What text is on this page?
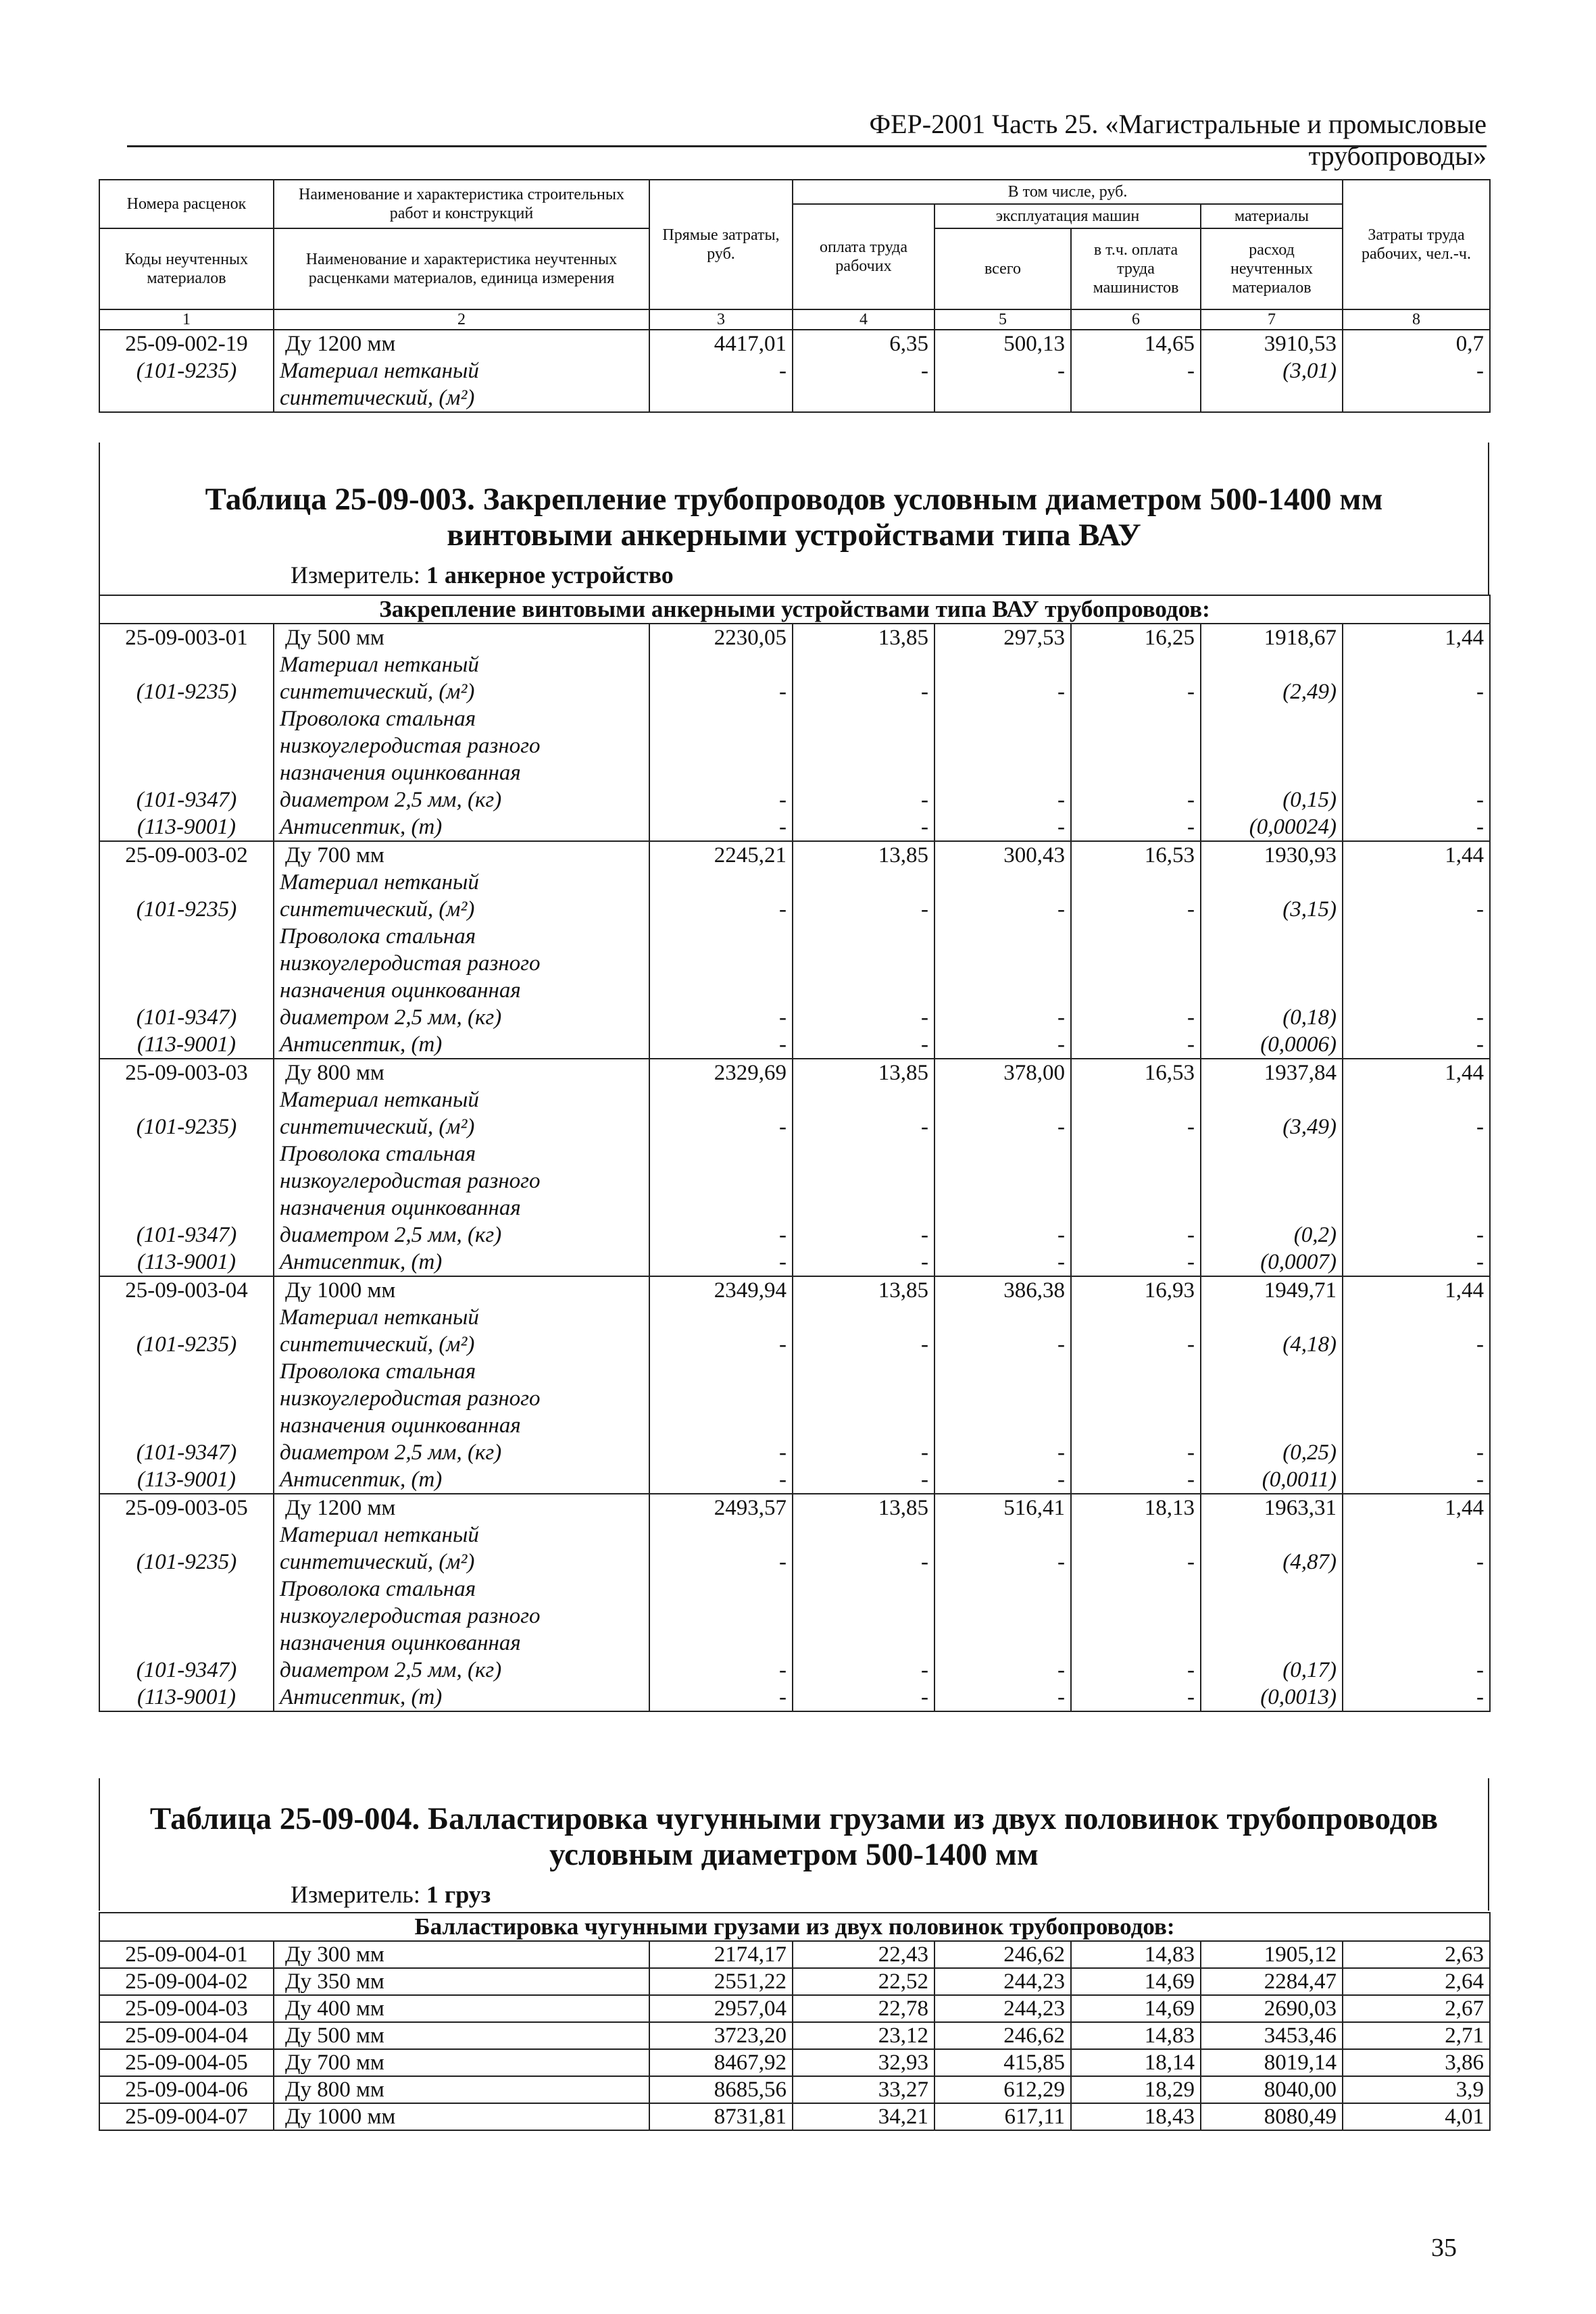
ФЕР-2001 Часть 25. «Магистральные и промысловые трубопроводы»
Номера расценок	Наименование и характеристика строительных работ и конструкций	Прямые затраты, руб.	В том числе, руб.				Затраты труда рабочих, чел.-ч.
			оплата труда рабочих	эксплуатация машин		материалы	
Коды неучтенных материалов	Наименование и характеристика неучтенных расценками материалов, единица измерения			всего	в т.ч. оплата труда машинистов	расход неучтенных материалов	

1	2	3	4	5	6	7	8
25-09-002-19	Ду 1200 мм	4417,01	6,35	500,13	14,65	3910,53	0,7
(101-9235)	Материал нетканый
синтетический, (м²)	-	-	-	-	(3,01)	-
Таблица 25-09-003. Закрепление трубопроводов условным диаметром 500-1400 мм
винтовыми анкерными устройствами типа ВАУ
Измеритель: 1 анкерное устройство
Закрепление винтовыми анкерными устройствами типа ВАУ трубопроводов:							
25-09-003-01	Ду 500 мм	2230,05	13,85	297,53	16,25	1918,67	1,44
(101-9235)	Материал нетканый
синтетический, (м²)	-	-	-	-	(2,49)	-
(101-9347)	Проволока стальная
низкоуглеродистая разного
назначения оцинкованная
диаметром 2,5 мм, (кг)	-	-	-	-	(0,15)	-
(113-9001)	Антисептик, (т)	-	-	-	-	(0,00024)	-
25-09-003-02	Ду 700 мм	2245,21	13,85	300,43	16,53	1930,93	1,44
(101-9235)	Материал нетканый
синтетический, (м²)	-	-	-	-	(3,15)	-
(101-9347)	Проволока стальная
низкоуглеродистая разного
назначения оцинкованная
диаметром 2,5 мм, (кг)	-	-	-	-	(0,18)	-
(113-9001)	Антисептик, (т)	-	-	-	-	(0,0006)	-
25-09-003-03	Ду 800 мм	2329,69	13,85	378,00	16,53	1937,84	1,44
(101-9235)	Материал нетканый
синтетический, (м²)	-	-	-	-	(3,49)	-
(101-9347)	Проволока стальная
низкоуглеродистая разного
назначения оцинкованная
диаметром 2,5 мм, (кг)	-	-	-	-	(0,2)	-
(113-9001)	Антисептик, (т)	-	-	-	-	(0,0007)	-
25-09-003-04	Ду 1000 мм	2349,94	13,85	386,38	16,93	1949,71	1,44
(101-9235)	Материал нетканый
синтетический, (м²)	-	-	-	-	(4,18)	-
(101-9347)	Проволока стальная
низкоуглеродистая разного
назначения оцинкованная
диаметром 2,5 мм, (кг)	-	-	-	-	(0,25)	-
(113-9001)	Антисептик, (т)	-	-	-	-	(0,0011)	-
25-09-003-05	Ду 1200 мм	2493,57	13,85	516,41	18,13	1963,31	1,44
(101-9235)	Материал нетканый
синтетический, (м²)	-	-	-	-	(4,87)	-
(101-9347)	Проволока стальная
низкоуглеродистая разного
назначения оцинкованная
диаметром 2,5 мм, (кг)	-	-	-	-	(0,17)	-
(113-9001)	Антисептик, (т)	-	-	-	-	(0,0013)	-
Таблица 25-09-004. Балластировка чугунными грузами из двух половинок трубопроводов
условным диаметром 500-1400 мм
Измеритель: 1 груз
Балластировка чугунными грузами из двух половинок трубопроводов:							
25-09-004-01	Ду 300 мм	2174,17	22,43	246,62	14,83	1905,12	2,63
25-09-004-02	Ду 350 мм	2551,22	22,52	244,23	14,69	2284,47	2,64
25-09-004-03	Ду 400 мм	2957,04	22,78	244,23	14,69	2690,03	2,67
25-09-004-04	Ду 500 мм	3723,20	23,12	246,62	14,83	3453,46	2,71
25-09-004-05	Ду 700 мм	8467,92	32,93	415,85	18,14	8019,14	3,86
25-09-004-06	Ду 800 мм	8685,56	33,27	612,29	18,29	8040,00	3,9
25-09-004-07	Ду 1000 мм	8731,81	34,21	617,11	18,43	8080,49	4,01
35
